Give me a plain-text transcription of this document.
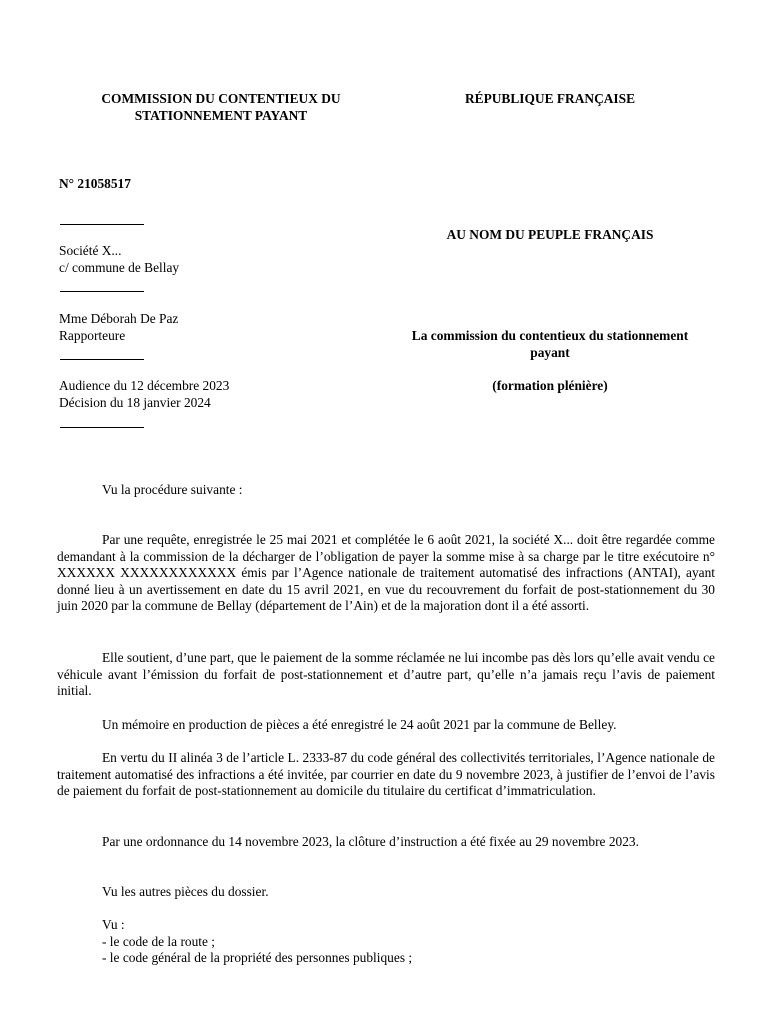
COMMISSION DU CONTENTIEUX DU
STATIONNEMENT PAYANT
RÉPUBLIQUE FRANÇAISE
N° 21058517
Société X...
c/ commune de Bellay
Mme Déborah De Paz
Rapporteure
Audience du 12 décembre 2023
Décision du 18 janvier 2024
AU NOM DU PEUPLE FRANÇAIS
La commission du contentieux du stationnement
payant
(formation plénière)
Vu la procédure suivante :
Par une requête, enregistrée le 25 mai 2021 et complétée le 6 août 2021, la société X... doit être regardée comme demandant à la commission de la décharger de l’obligation de payer la somme mise à sa charge par le titre exécutoire n° XXXXXX XXXXXXXXXXXX émis par l’Agence nationale de traitement automatisé des infractions (ANTAI), ayant donné lieu à un avertissement en date du 15 avril 2021, en vue du recouvrement du forfait de post-stationnement du 30 juin 2020 par la commune de Bellay (département de l’Ain) et de la majoration dont il a été assorti.
Elle soutient, d’une part, que le paiement de la somme réclamée ne lui incombe pas dès lors qu’elle avait vendu ce véhicule avant l’émission du forfait de post-stationnement et d’autre part, qu’elle n’a jamais reçu l’avis de paiement initial.
Un mémoire en production de pièces a été enregistré le 24 août 2021 par la commune de Belley.
En vertu du II alinéa 3 de l’article L. 2333-87 du code général des collectivités territoriales, l’Agence nationale de traitement automatisé des infractions a été invitée, par courrier en date du 9 novembre 2023, à justifier de l’envoi de l’avis de paiement du forfait de post-stationnement au domicile du titulaire du certificat d’immatriculation.
Par une ordonnance du 14 novembre 2023, la clôture d’instruction a été fixée au 29 novembre 2023.
Vu les autres pièces du dossier.
Vu :
- le code de la route ;
- le code général de la propriété des personnes publiques ;
